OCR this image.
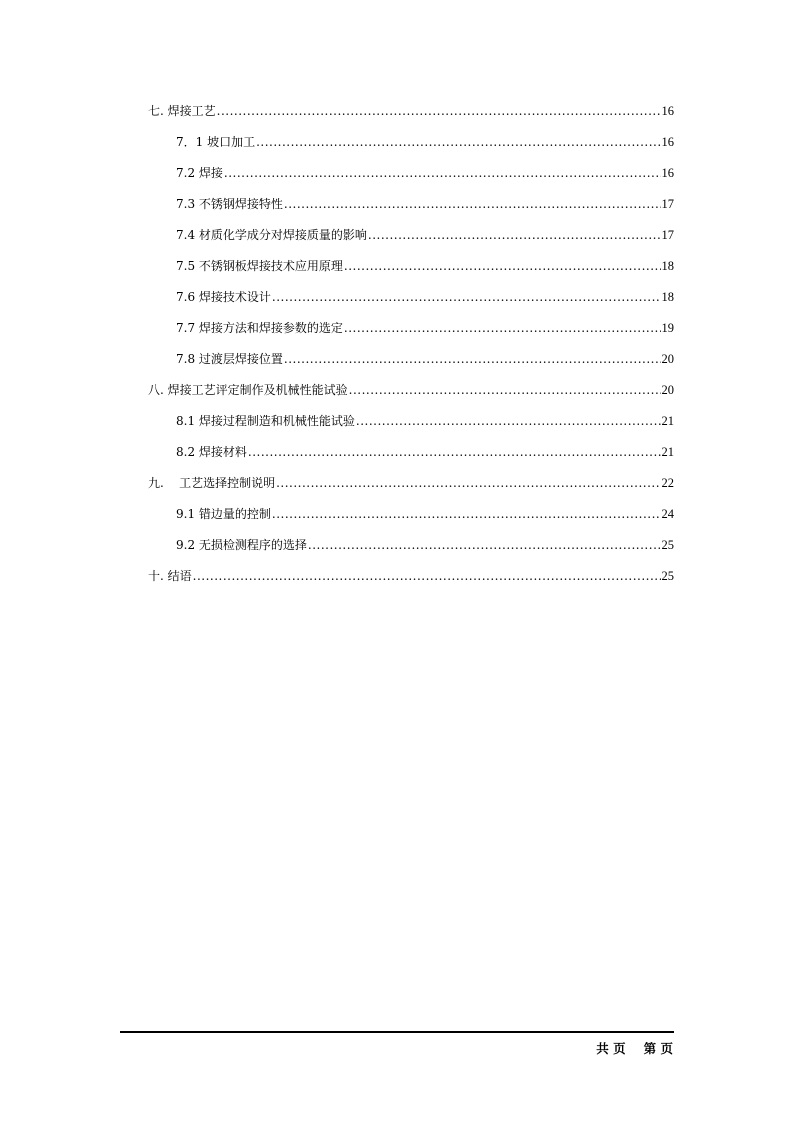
七. 焊接工艺 .....	16
7．1 坡口加工 .....	16
7.2 焊接 .....	16
7.3 不锈钢焊接特性 .....	17
7.4 材质化学成分对焊接质量的影响 .....	17
7.5 不锈钢板焊接技术应用原理 .....	18
7.6 焊接技术设计 .....	18
7.7 焊接方法和焊接参数的选定 .....	19
7.8 过渡层焊接位置 .....	20
八. 焊接工艺评定制作及机械性能试验 .....	20
8.1 焊接过程制造和机械性能试验 .....	21
8.2 焊接材料 .....	21
九.    工艺选择控制说明 .....	22
9.1 错边量的控制 .....	24
9.2 无损检测程序的选择 .....	25
十. 结语 .....	25
共 页 第 页
